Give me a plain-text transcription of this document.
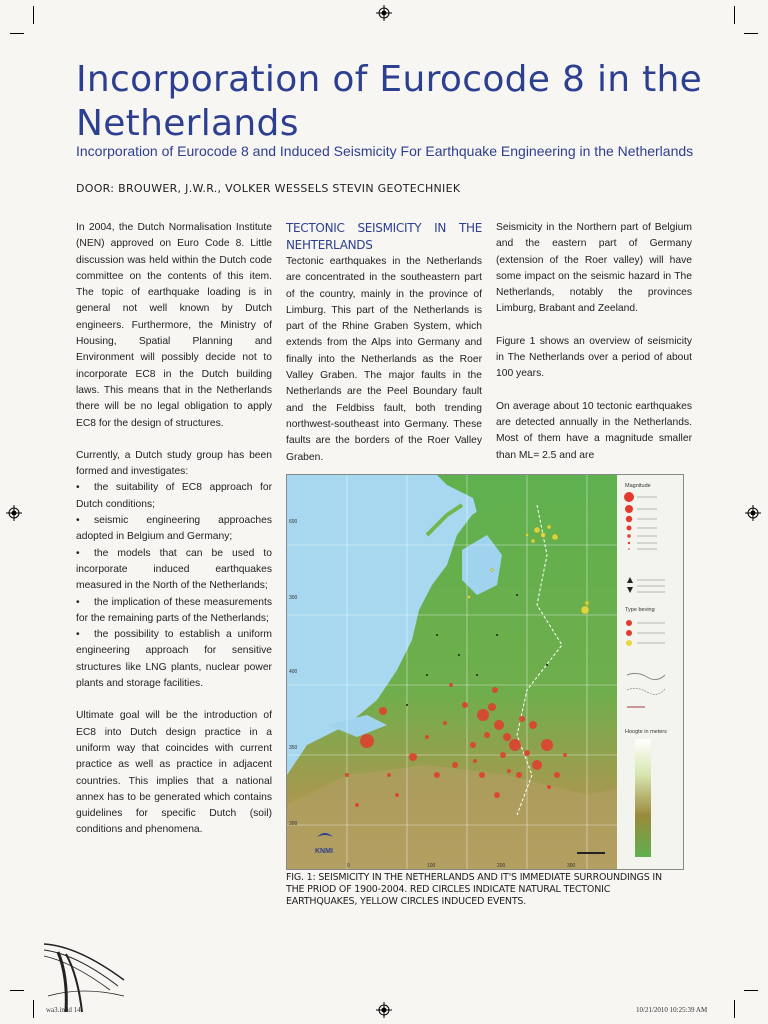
Incorporation of Eurocode 8 in the Netherlands
Incorporation of Eurocode 8 and Induced Seismicity For Earthquake Engineering in the Netherlands
DOOR: BROUWER, J.W.R., VOLKER WESSELS STEVIN GEOTECHNIEK

In 2004, the Dutch Normalisation Institute (NEN) approved on Euro Code 8. Little discussion was held within the Dutch code committee on the contents of this item. The topic of earthquake loading is in general not well known by Dutch engineers. Furthermore, the Ministry of Housing, Spatial Planning and Environment will possibly decide not to incorporate EC8 in the Dutch building laws. This means that in the Netherlands there will be no legal obligation to apply EC8 for the design of structures.

Currently, a Dutch study group has been formed and investigates:

• the suitability of EC8 approach for Dutch conditions;
• seismic engineering approaches adopted in Belgium and Germany;
• the models that can be used to incorporate induced earthquakes measured in the North of the Netherlands;
• the implication of these measurements for the remaining parts of the Netherlands;
• the possibility to establish a uniform engineering approach for sensitive structures like LNG plants, nuclear power plants and storage facilities.

Ultimate goal will be the introduction of EC8 into Dutch design practice in a uniform way that coincides with current practice as well as practice in adjacent countries. This implies that a national annex has to be generated which contains guidelines for specific Dutch (soil) conditions and phenomena.

TECTONIC SEISMICITY IN THE NEHTERLANDS

Tectonic earthquakes in the Netherlands are concentrated in the southeastern part of the country, mainly in the province of Limburg. This part of the Netherlands is part of the Rhine Graben System, which extends from the Alps into Germany and finally into the Netherlands as the Roer Valley Graben. The major faults in the Netherlands are the Peel Boundary fault and the Feldbiss fault, both trending northwest-southeast into Germany. These faults are the borders of the Roer Valley Graben.

Seismicity in the Northern part of Belgium and the eastern part of Germany (extension of the Roer valley) will have some impact on the seismic hazard in The Netherlands, notably the provinces Limburg, Brabant and Zeeland.

Figure 1 shows an overview of seismicity in The Netherlands over a period of about 100 years.

On average about 10 tectonic earthquakes are detected annually in the Netherlands. Most of them have a magnitude smaller than ML= 2.5 and are

Magnitude
Type beving
Hoogte in meters
600
300
400
350
300
0	100	200	300
KNMI
FIG. 1: SEISMICITY IN THE NETHERLANDS AND IT'S IMMEDIATE SURROUNDINGS IN THE PRIOD OF 1900-2004. RED CIRCLES INDICATE NATURAL TECTONIC EARTHQUAKES, YELLOW CIRCLES INDUCED EVENTS.
wa3.indd 14	10/21/2010 10:25:39 AM
